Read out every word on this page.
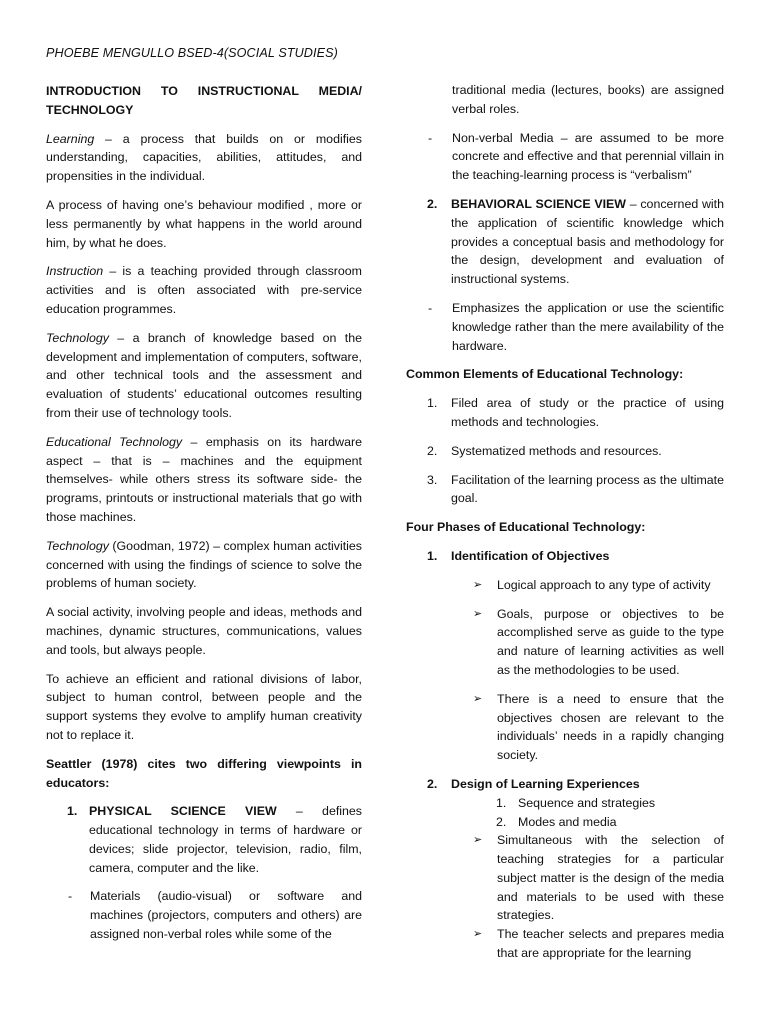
PHOEBE MENGULLO BSED-4(SOCIAL STUDIES)

INTRODUCTION TO INSTRUCTIONAL MEDIA/ TECHNOLOGY

Learning – a process that builds on or modifies understanding, capacities, abilities, attitudes, and propensities in the individual.

A process of having one’s behaviour modified , more or less permanently by what happens in the world around him, by what he does.

Instruction – is a teaching provided through classroom activities and is often associated with pre-service education programmes.

Technology – a branch of knowledge based on the development and implementation of computers, software, and other technical tools and the assessment and evaluation of students’ educational outcomes resulting from their use of technology tools.

Educational Technology – emphasis on its hardware aspect – that is – machines and the equipment themselves- while others stress its software side- the programs, printouts or instructional materials that go with those machines.

Technology (Goodman, 1972) – complex human activities concerned with using the findings of science to solve the problems of human society.

A social activity, involving people and ideas, methods and machines, dynamic structures, communications, values and tools, but always people.

To achieve an efficient and rational divisions of labor, subject to human control, between people and the support systems they evolve to amplify human creativity not to replace it.

Seattler (1978) cites two differing viewpoints in educators:

1. PHYSICAL SCIENCE VIEW – defines educational technology in terms of hardware or devices; slide projector, television, radio, film, camera, computer and the like.
-	Materials (audio-visual) or software and machines (projectors, computers and others) are assigned non-verbal roles while some of the
traditional media (lectures, books) are assigned verbal roles.
-	Non-verbal Media – are assumed to be more concrete and effective and that perennial villain in the teaching-learning process is “verbalism”
2.	BEHAVIORAL SCIENCE VIEW – concerned with the application of scientific knowledge which provides a conceptual basis and methodology for the design, development and evaluation of instructional systems.
-	Emphasizes the application or use the scientific knowledge rather than the mere availability of the hardware.

Common Elements of Educational Technology:

1.	Filed area of study or the practice of using methods and technologies.
2.	Systematized methods and resources.
3.	Facilitation of the learning process as the ultimate goal.

Four Phases of Educational Technology:

1.	Identification of Objectives
➢	Logical approach to any type of activity
➢	Goals, purpose or objectives to be accomplished serve as guide to the type and nature of learning activities as well as the methodologies to be used.
➢	There is a need to ensure that the objectives chosen are relevant to the individuals’ needs in a rapidly changing society.
2.	Design of Learning Experiences
1. Sequence and strategies
2. Modes and media
➢	Simultaneous with the selection of teaching strategies for a particular subject matter is the design of the media and materials to be used with these strategies.
➢	The teacher selects and prepares media that are appropriate for the learning
